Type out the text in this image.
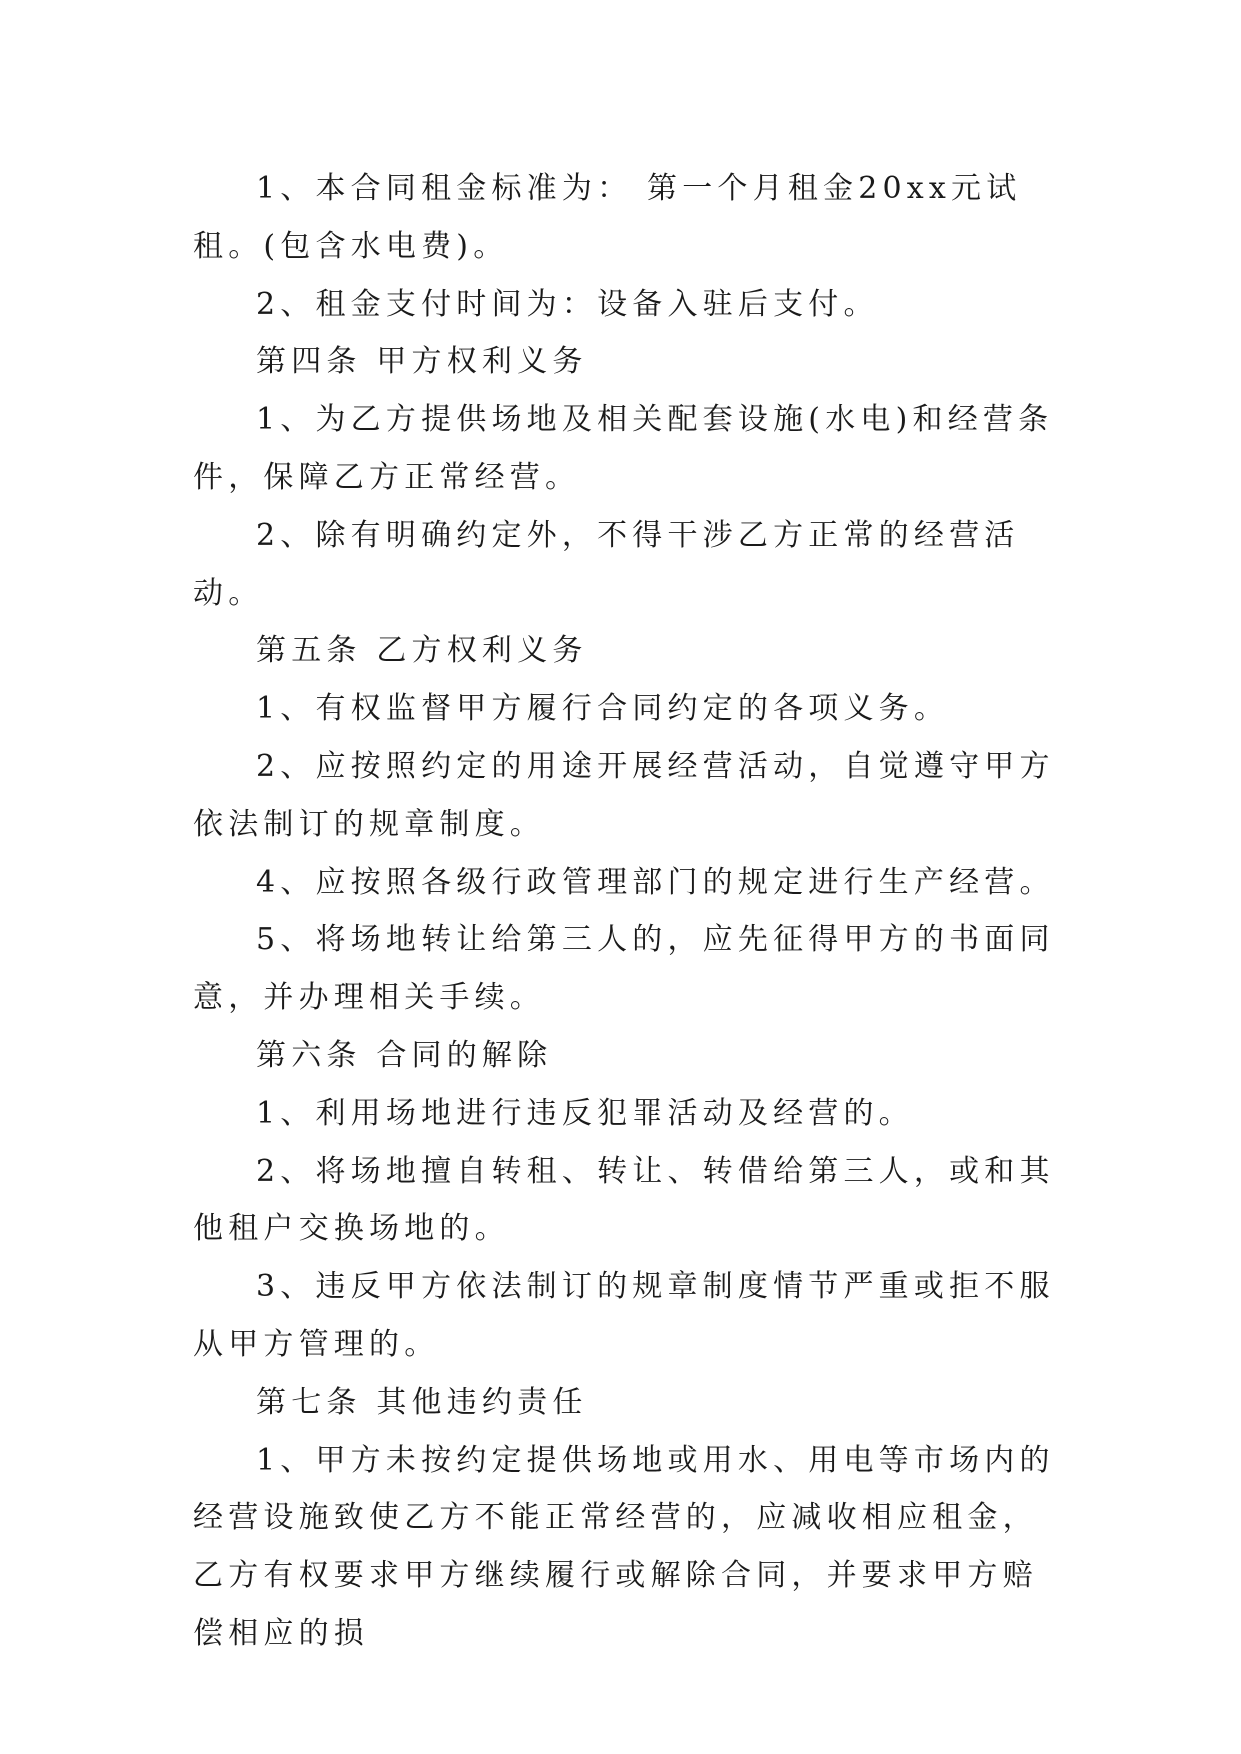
1、本合同租金标准为： 第一个月租金20xx元试租。(包含水电费)。

2、租金支付时间为：设备入驻后支付。

第四条 甲方权利义务

1、为乙方提供场地及相关配套设施(水电)和经营条件，保障乙方正常经营。

2、除有明确约定外，不得干涉乙方正常的经营活动。

第五条 乙方权利义务

1、有权监督甲方履行合同约定的各项义务。

2、应按照约定的用途开展经营活动，自觉遵守甲方依法制订的规章制度。

4、应按照各级行政管理部门的规定进行生产经营。

5、将场地转让给第三人的，应先征得甲方的书面同意，并办理相关手续。

第六条 合同的解除

1、利用场地进行违反犯罪活动及经营的。

2、将场地擅自转租、转让、转借给第三人，或和其他租户交换场地的。

3、违反甲方依法制订的规章制度情节严重或拒不服从甲方管理的。

第七条 其他违约责任

1、甲方未按约定提供场地或用水、用电等市场内的经营设施致使乙方不能正常经营的，应减收相应租金，乙方有权要求甲方继续履行或解除合同，并要求甲方赔偿相应的损
